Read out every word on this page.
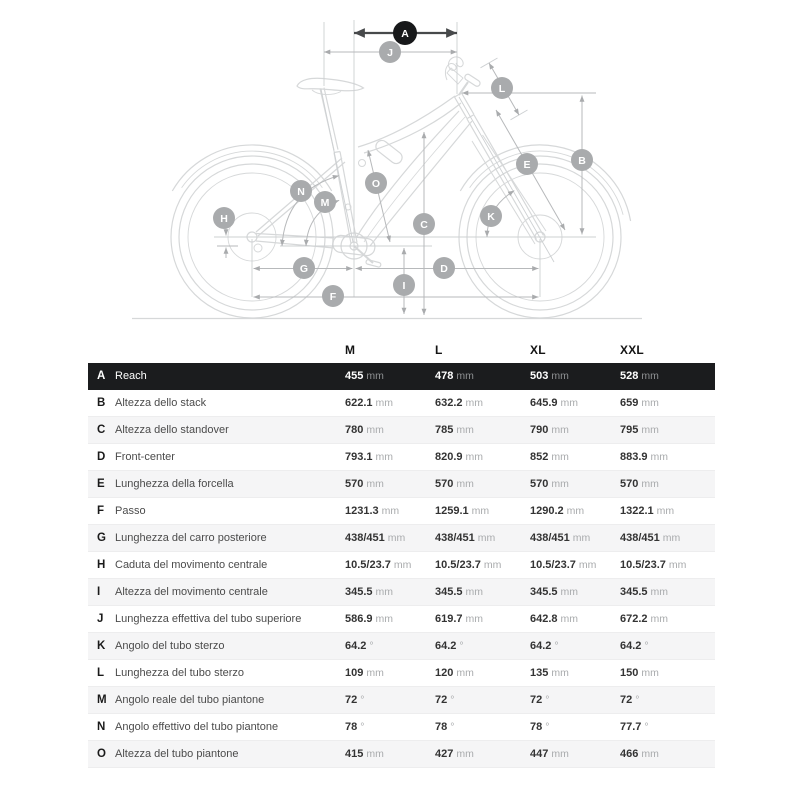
A
J
L
B
E
O
N
M
K
H	C
G	D
I
F
M	L	XL	XXL
A Reach	455 mm	478 mm	503 mm	528 mm
B Altezza dello stack	622.1 mm	632.2 mm	645.9 mm	659 mm
C Altezza dello standover	780 mm	785 mm	790 mm	795 mm
D Front-center	793.1 mm	820.9 mm	852 mm	883.9 mm
E Lunghezza della forcella	570 mm	570 mm	570 mm	570 mm
F Passo	1231.3 mm	1259.1 mm	1290.2 mm	1322.1 mm
G Lunghezza del carro posteriore	438/451 mm	438/451 mm	438/451 mm	438/451 mm
H Caduta del movimento centrale	10.5/23.7 mm	10.5/23.7 mm	10.5/23.7 mm	10.5/23.7 mm
I	Altezza del movimento centrale	345.5 mm	345.5 mm	345.5 mm	345.5 mm
J	Lunghezza effettiva del tubo superiore	586.9 mm	619.7 mm	642.8 mm	672.2 mm
K Angolo del tubo sterzo	64.2 °	64.2 °	64.2 °	64.2 °
L Lunghezza del tubo sterzo	109 mm	120 mm	135 mm	150 mm
M Angolo reale del tubo piantone	72 °	72 °	72 °	72 °
N Angolo effettivo del tubo piantone	78 °	78 °	78 °	77.7 °
O Altezza del tubo piantone	415 mm	427 mm	447 mm	466 mm
